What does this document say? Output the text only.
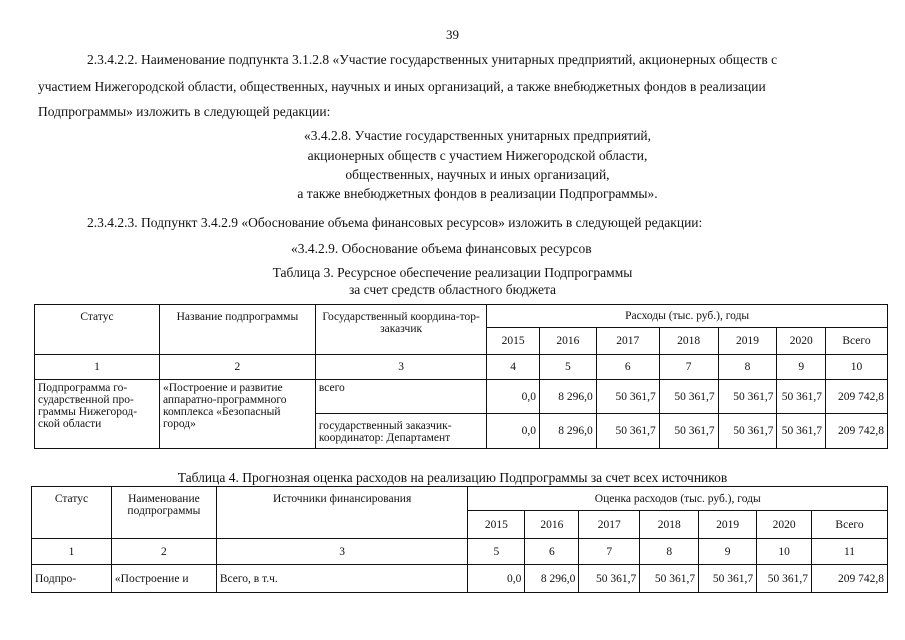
39
2.3.4.2.2. Наименование подпункта 3.1.2.8 «Участие государственных унитарных предприятий, акционерных обществ с
участием Нижегородской области, общественных, научных и иных организаций, а также внебюджетных фондов в реализации
Подпрограммы» изложить в следующей редакции:
«3.4.2.8. Участие государственных унитарных предприятий,
акционерных обществ с участием Нижегородской области,
общественных, научных и иных организаций,
а также внебюджетных фондов в реализации Подпрограммы».
2.3.4.2.3. Подпункт 3.4.2.9 «Обоснование объема финансовых ресурсов» изложить в следующей редакции:
«3.4.2.9. Обоснование объема финансовых ресурсов
Таблица 3. Ресурсное обеспечение реализации Подпрограммы
за счет средств областного бюджета
Статус	Название подпрограммы	Государственный координа-тор-заказчик	Расходы (тыс. руб.), годы						
			2015	2016	2017	2018	2019	2020	Всего
1	2	3	4	5	6	7	8	9	10
Подпрограмма го-сударственной про-граммы Нижегород-ской области	«Построение и развитие аппаратно-программного комплекса «Безопасный город»	всего	0,0	8 296,0	50 361,7	50 361,7	50 361,7	50 361,7	209 742,8
		государственный заказчик-координатор: Департамент	0,0	8 296,0	50 361,7	50 361,7	50 361,7	50 361,7	209 742,8
Таблица 4. Прогнозная оценка расходов на реализацию Подпрограммы за счет всех источников
Статус	Наименование подпрограммы	Источники финансирования	Оценка расходов (тыс. руб.), годы						
			2015	2016	2017	2018	2019	2020	Всего
1	2	3	5	6	7	8	9	10	11
Подпро-	«Построение и	Всего, в т.ч.	0,0	8 296,0	50 361,7	50 361,7	50 361,7	50 361,7	209 742,8
